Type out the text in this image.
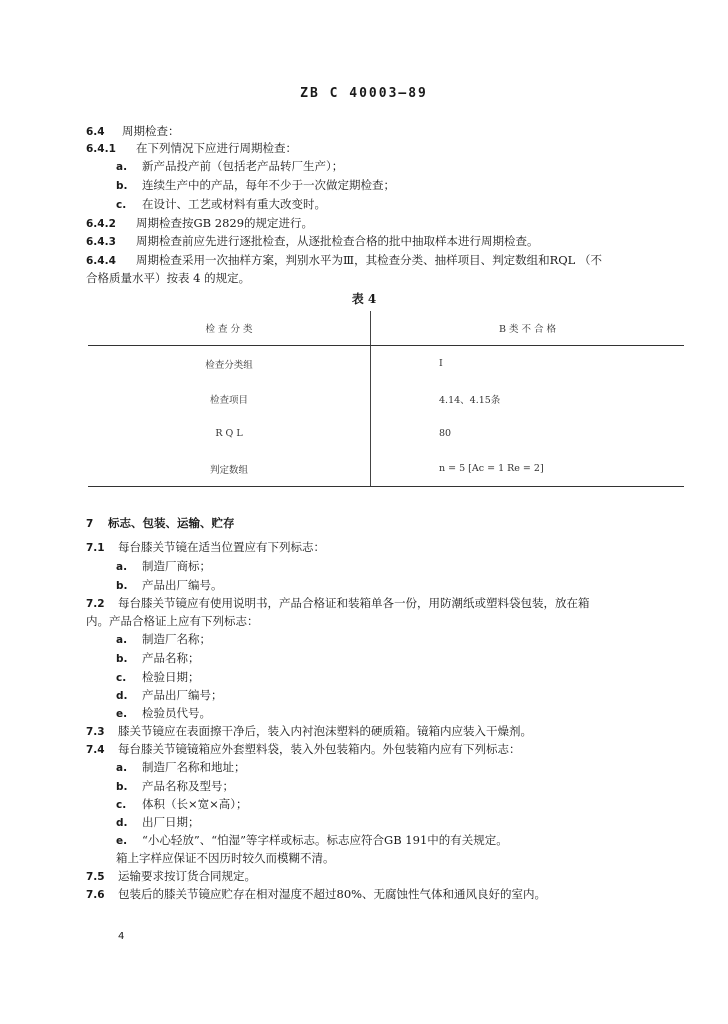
ZB C 40003—89
6.4 周期检查：
6.4.1 在下列情况下应进行周期检查：
a. 新产品投产前（包括老产品转厂生产）；
b. 连续生产中的产品，每年不少于一次做定期检查；
c. 在设计、工艺或材料有重大改变时。
6.4.2 周期检查按GB 2829的规定进行。
6.4.3 周期检查前应先进行逐批检查，从逐批检查合格的批中抽取样本进行周期检查。
6.4.4 周期检查采用一次抽样方案，判别水平为Ⅲ，其检查分类、抽样项目、判定数组和RQL （不
合格质量水平）按表 4 的规定。
表 4
检 查 分 类	B 类 不 合 格
检查分类组	Ⅰ
检查项目	4.14、4.15条
R Q L	80
判定数组	n = 5 [Ac = 1 Re = 2]
7 标志、包装、运输、贮存
7.1 每台膝关节镜在适当位置应有下列标志：
a. 制造厂商标；
b. 产品出厂编号。
7.2 每台膝关节镜应有使用说明书，产品合格证和装箱单各一份，用防潮纸或塑料袋包装，放在箱
内。产品合格证上应有下列标志：
a. 制造厂名称；
b. 产品名称；
c. 检验日期；
d. 产品出厂编号；
e. 检验员代号。
7.3 膝关节镜应在表面擦干净后，装入内衬泡沫塑料的硬质箱。镜箱内应装入干燥剂。
7.4 每台膝关节镜镜箱应外套塑料袋，装入外包装箱内。外包装箱内应有下列标志：
a. 制造厂名称和地址；
b. 产品名称及型号；
c. 体积（长×宽×高）；
d. 出厂日期；
e. “小心轻放”、“怕湿”等字样或标志。标志应符合GB 191中的有关规定。
箱上字样应保证不因历时较久而模糊不清。
7.5 运输要求按订货合同规定。
7.6 包装后的膝关节镜应贮存在相对湿度不超过80%、无腐蚀性气体和通风良好的室内。
4
